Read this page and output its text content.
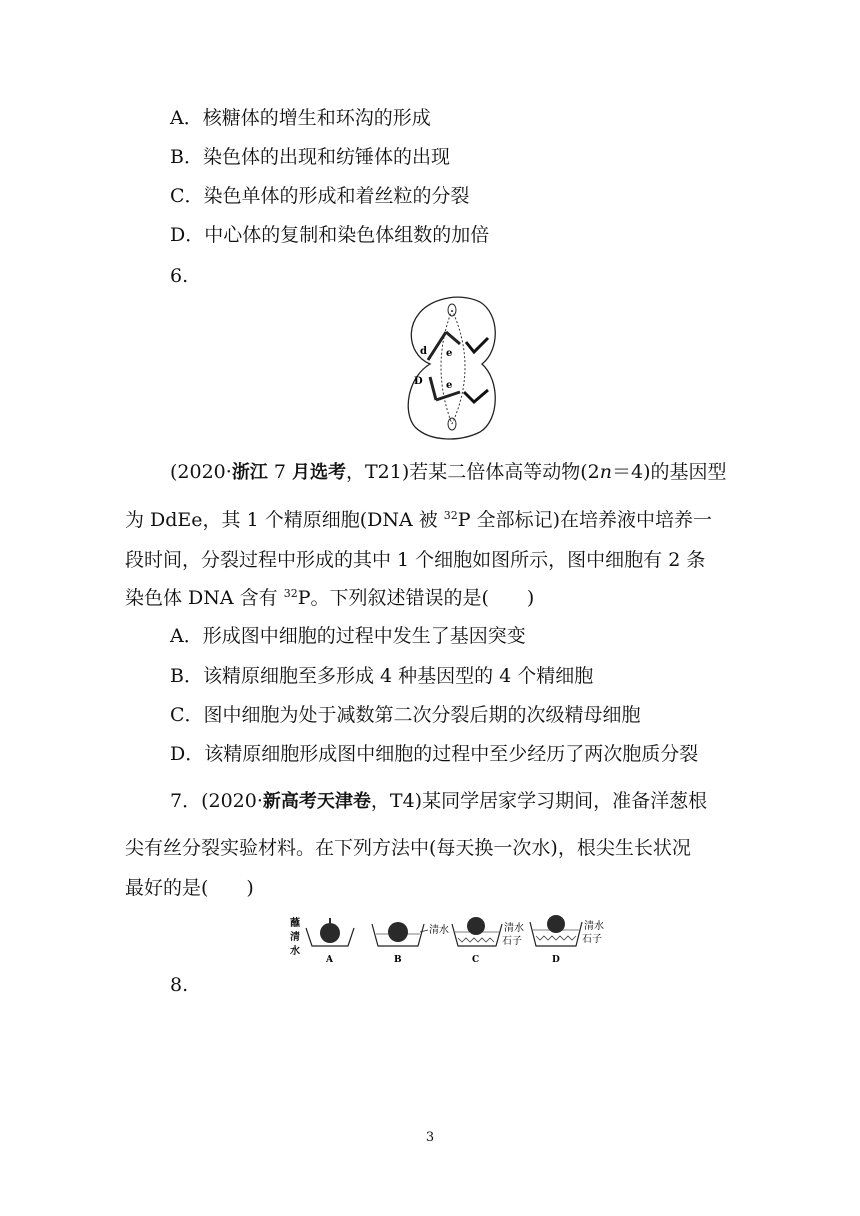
A．核糖体的增生和环沟的形成
B．染色体的出现和纺锤体的出现
C．染色单体的形成和着丝粒的分裂
D．中心体的复制和染色体组数的加倍
6.
d e
D e
(2020·浙江 7 月选考，T21)若某二倍体高等动物(2n＝4)的基因型
为 DdEe，其 1 个精原细胞(DNA 被 $^{32}$P 全部标记)在培养液中培养一
段时间，分裂过程中形成的其中 1 个细胞如图所示，图中细胞有 2 条
染色体 DNA 含有 $^{32}$P。下列叙述错误的是(　　)
A．形成图中细胞的过程中发生了基因突变
B．该精原细胞至多形成 4 种基因型的 4 个精细胞
C．图中细胞为处于减数第二次分裂后期的次级精母细胞
D．该精原细胞形成图中细胞的过程中至少经历了两次胞质分裂
7．(2020·新高考天津卷，T4)某同学居家学习期间，准备洋葱根
尖有丝分裂实验材料。在下列方法中(每天换一次水)，根尖生长状况
最好的是(　　)
蘸
清
水
A
清水
B
清水
石子
C
清水
石子
D
8.
3
